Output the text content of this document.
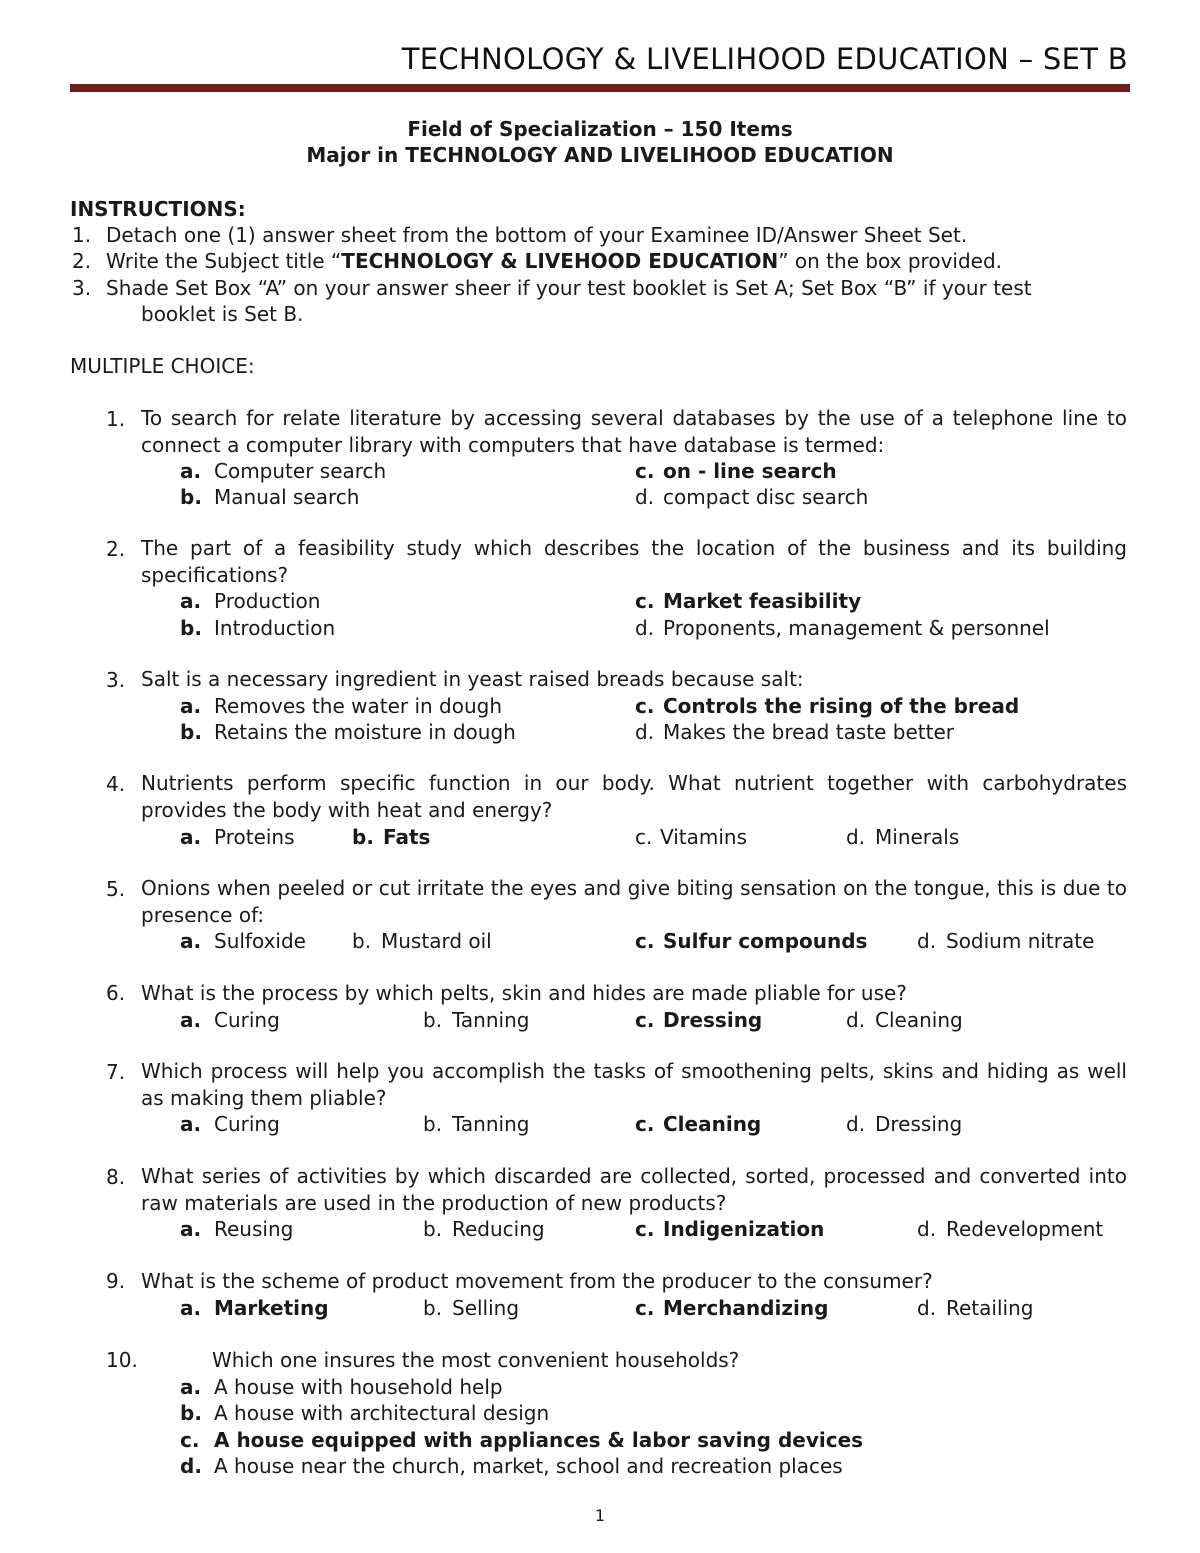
TECHNOLOGY & LIVELIHOOD EDUCATION – SET B
Field of Specialization – 150 Items
Major in TECHNOLOGY AND LIVELIHOOD EDUCATION
INSTRUCTIONS:
1. Detach one (1) answer sheet from the bottom of your Examinee ID/Answer Sheet Set.
2. Write the Subject title “TECHNOLOGY & LIVEHOOD EDUCATION” on the box provided.
3. Shade Set Box “A” on your answer sheer if your test booklet is Set A; Set Box “B” if your test
booklet is Set B.
MULTIPLE CHOICE:
1. To search for relate literature by accessing several databases by the use of a telephone line to connect a computer library with computers that have database is termed:
a. Computer search	c. on - line search
b. Manual search	d. compact disc search
2. The part of a feasibility study which describes the location of the business and its building specifications?
a. Production	c. Market feasibility
b. Introduction	d. Proponents, management & personnel
3. Salt is a necessary ingredient in yeast raised breads because salt:
a. Removes the water in dough	c. Controls the rising of the bread
b. Retains the moisture in dough	d. Makes the bread taste better
4. Nutrients perform specific function in our body. What nutrient together with carbohydrates provides the body with heat and energy?
a. Proteins	b. Fats	c. Vitamins	d. Minerals
5. Onions when peeled or cut irritate the eyes and give biting sensation on the tongue, this is due to presence of:
a. Sulfoxide b. Mustard oil	c. Sulfur compounds d. Sodium nitrate
6. What is the process by which pelts, skin and hides are made pliable for use?
a. Curing	b. Tanning	c. Dressing	d. Cleaning
7. Which process will help you accomplish the tasks of smoothening pelts, skins and hiding as well as making them pliable?
a. Curing	b. Tanning	c. Cleaning	d. Dressing
8. What series of activities by which discarded are collected, sorted, processed and converted into raw materials are used in the production of new products?
a. Reusing	b. Reducing	c. Indigenization	d. Redevelopment
9. What is the scheme of product movement from the producer to the consumer?
a. Marketing	b. Selling	c. Merchandizing	d. Retailing
10.	Which one insures the most convenient households?
a. A house with household help
b. A house with architectural design
c. A house equipped with appliances & labor saving devices
d. A house near the church, market, school and recreation places
1
